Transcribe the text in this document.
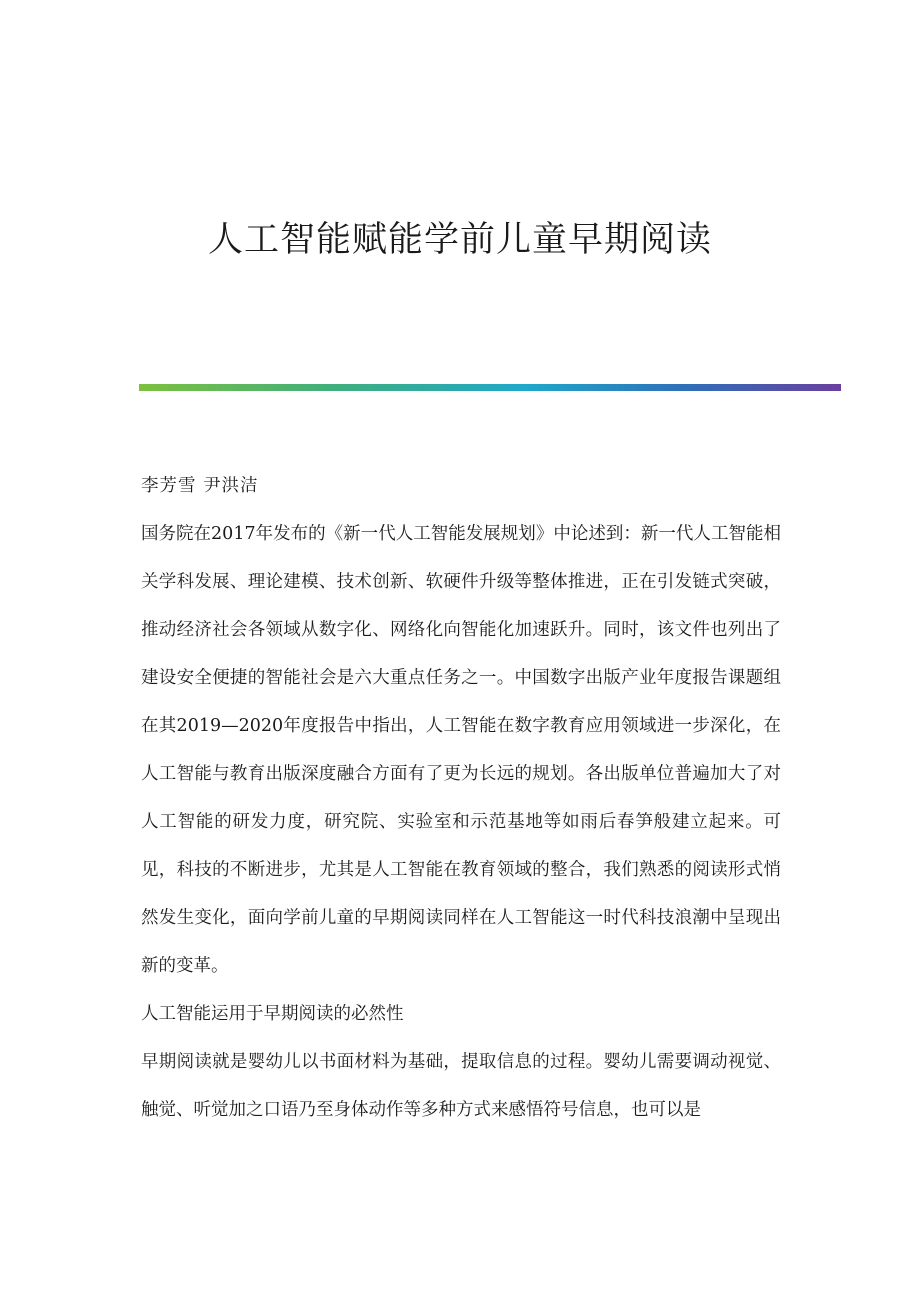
人工智能赋能学前儿童早期阅读

李芳雪 尹洪洁

国务院在2017年发布的《新一代人工智能发展规划》中论述到：新一代人工智能相关学科发展、理论建模、技术创新、软硬件升级等整体推进，正在引发链式突破，推动经济社会各领域从数字化、网络化向智能化加速跃升。同时，该文件也列出了建设安全便捷的智能社会是六大重点任务之一。中国数字出版产业年度报告课题组在其2019—2020年度报告中指出，人工智能在数字教育应用领域进一步深化，在人工智能与教育出版深度融合方面有了更为长远的规划。各出版单位普遍加大了对人工智能的研发力度，研究院、实验室和示范基地等如雨后春笋般建立起来。可见，科技的不断进步，尤其是人工智能在教育领域的整合，我们熟悉的阅读形式悄然发生变化，面向学前儿童的早期阅读同样在人工智能这一时代科技浪潮中呈现出新的变革。

人工智能运用于早期阅读的必然性

早期阅读就是婴幼儿以书面材料为基础，提取信息的过程。婴幼儿需要调动视觉、触觉、听觉加之口语乃至身体动作等多种方式来感悟符号信息，也可以是
